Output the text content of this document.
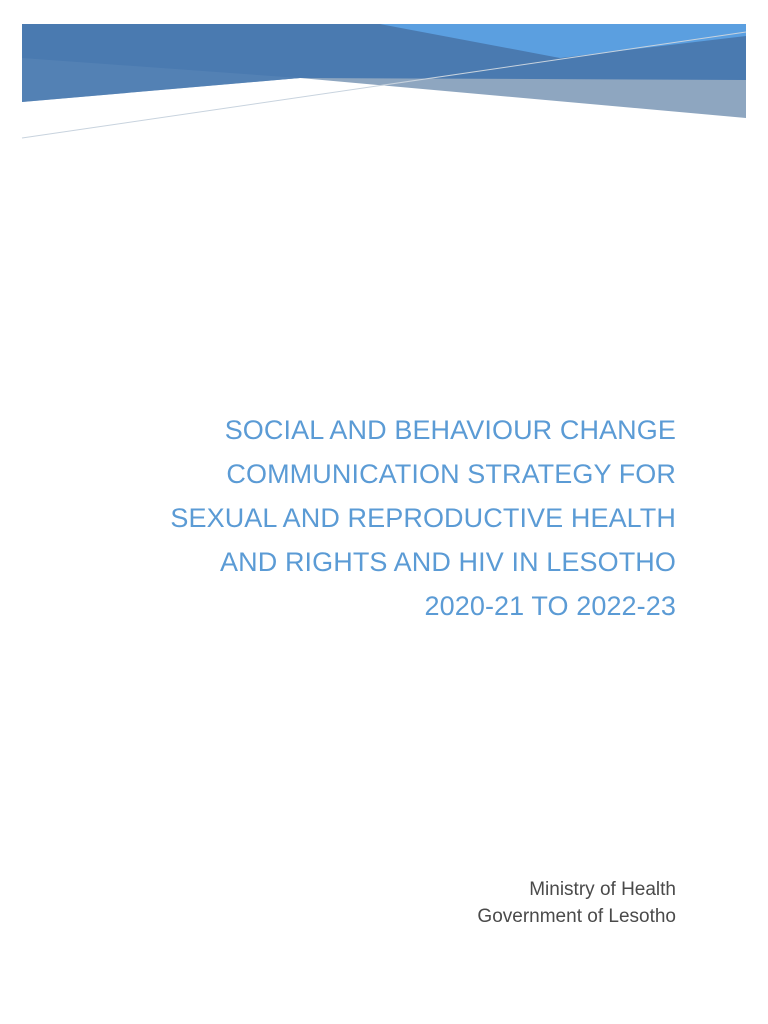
SOCIAL AND BEHAVIOUR CHANGE
COMMUNICATION STRATEGY FOR
SEXUAL AND REPRODUCTIVE HEALTH
AND RIGHTS AND HIV IN LESOTHO
2020-21 TO 2022-23
Ministry of Health
Government of Lesotho
